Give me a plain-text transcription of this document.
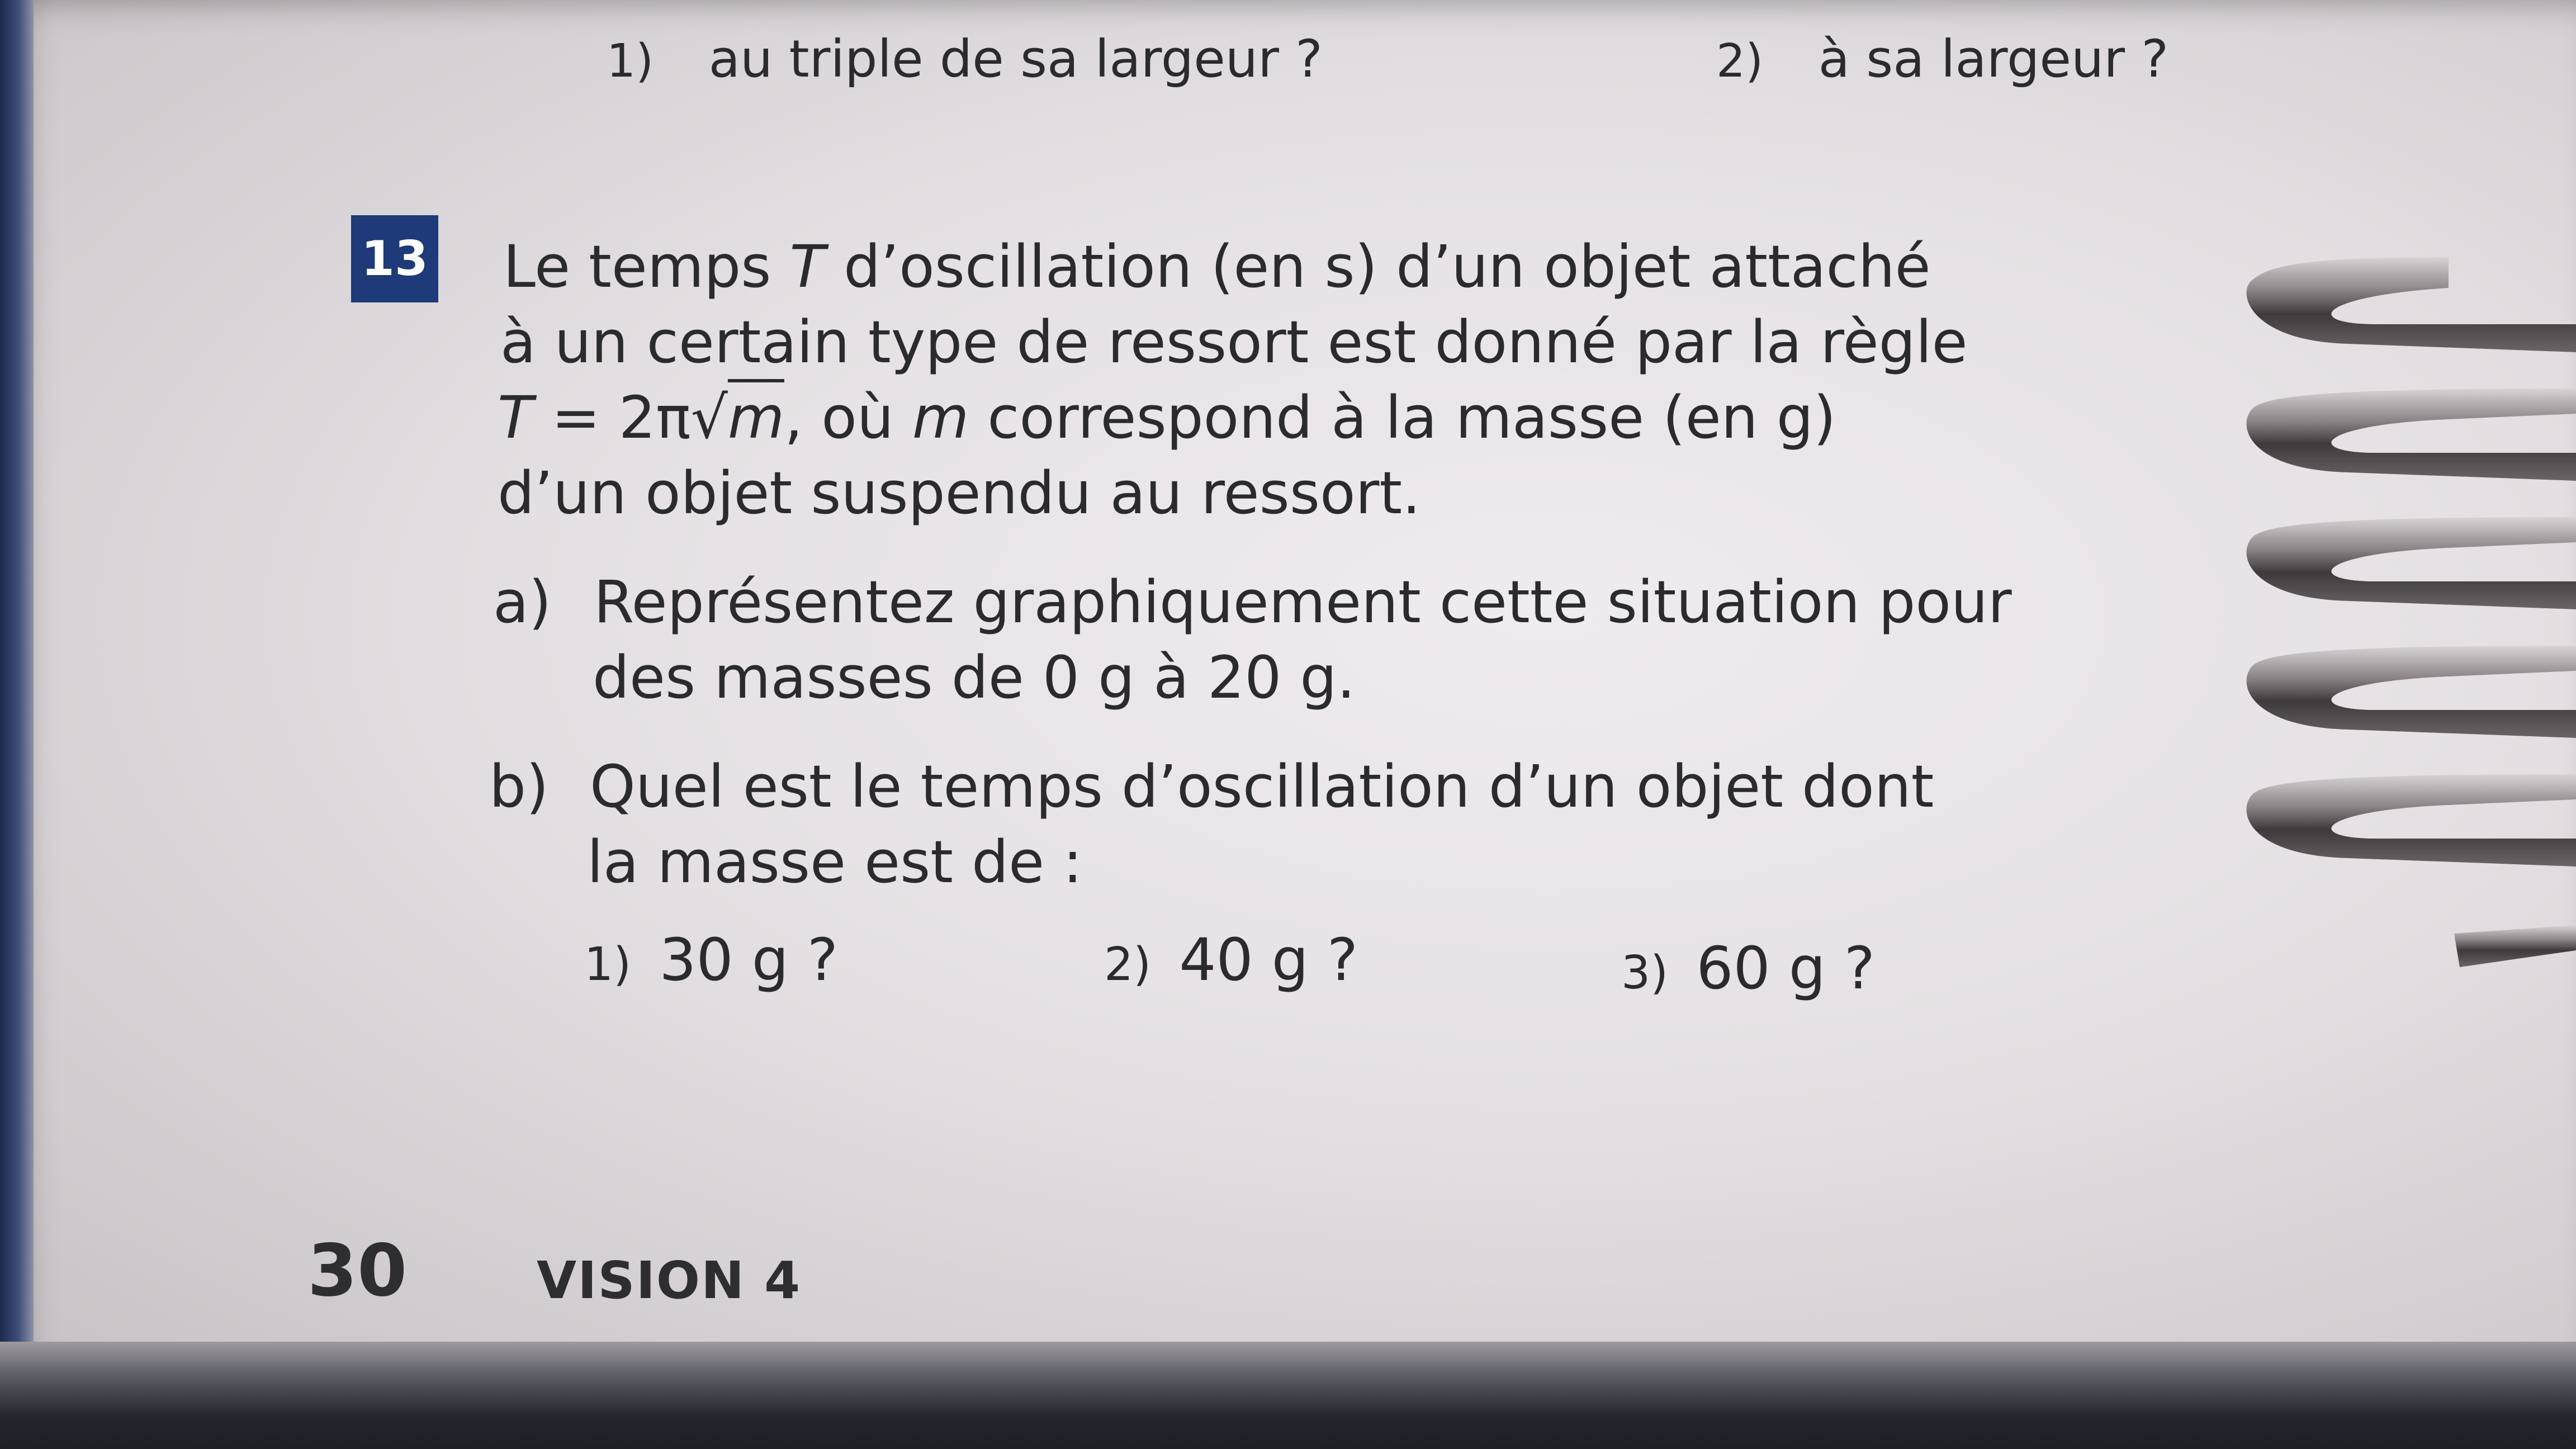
1) au triple de sa largeur ?	2) à sa largeur ?
13 Le temps T d’oscillation (en s) d’un objet attaché
à un certain type de ressort est donné par la règle
T = 2π√m, où m correspond à la masse (en g)
d’un objet suspendu au ressort.
a) Représentez graphiquement cette situation pour
des masses de 0 g à 20 g.
b) Quel est le temps d’oscillation d’un objet dont
la masse est de :
1) 30 g ?	2) 40 g ?	3) 60 g ?
30	VISION 4
